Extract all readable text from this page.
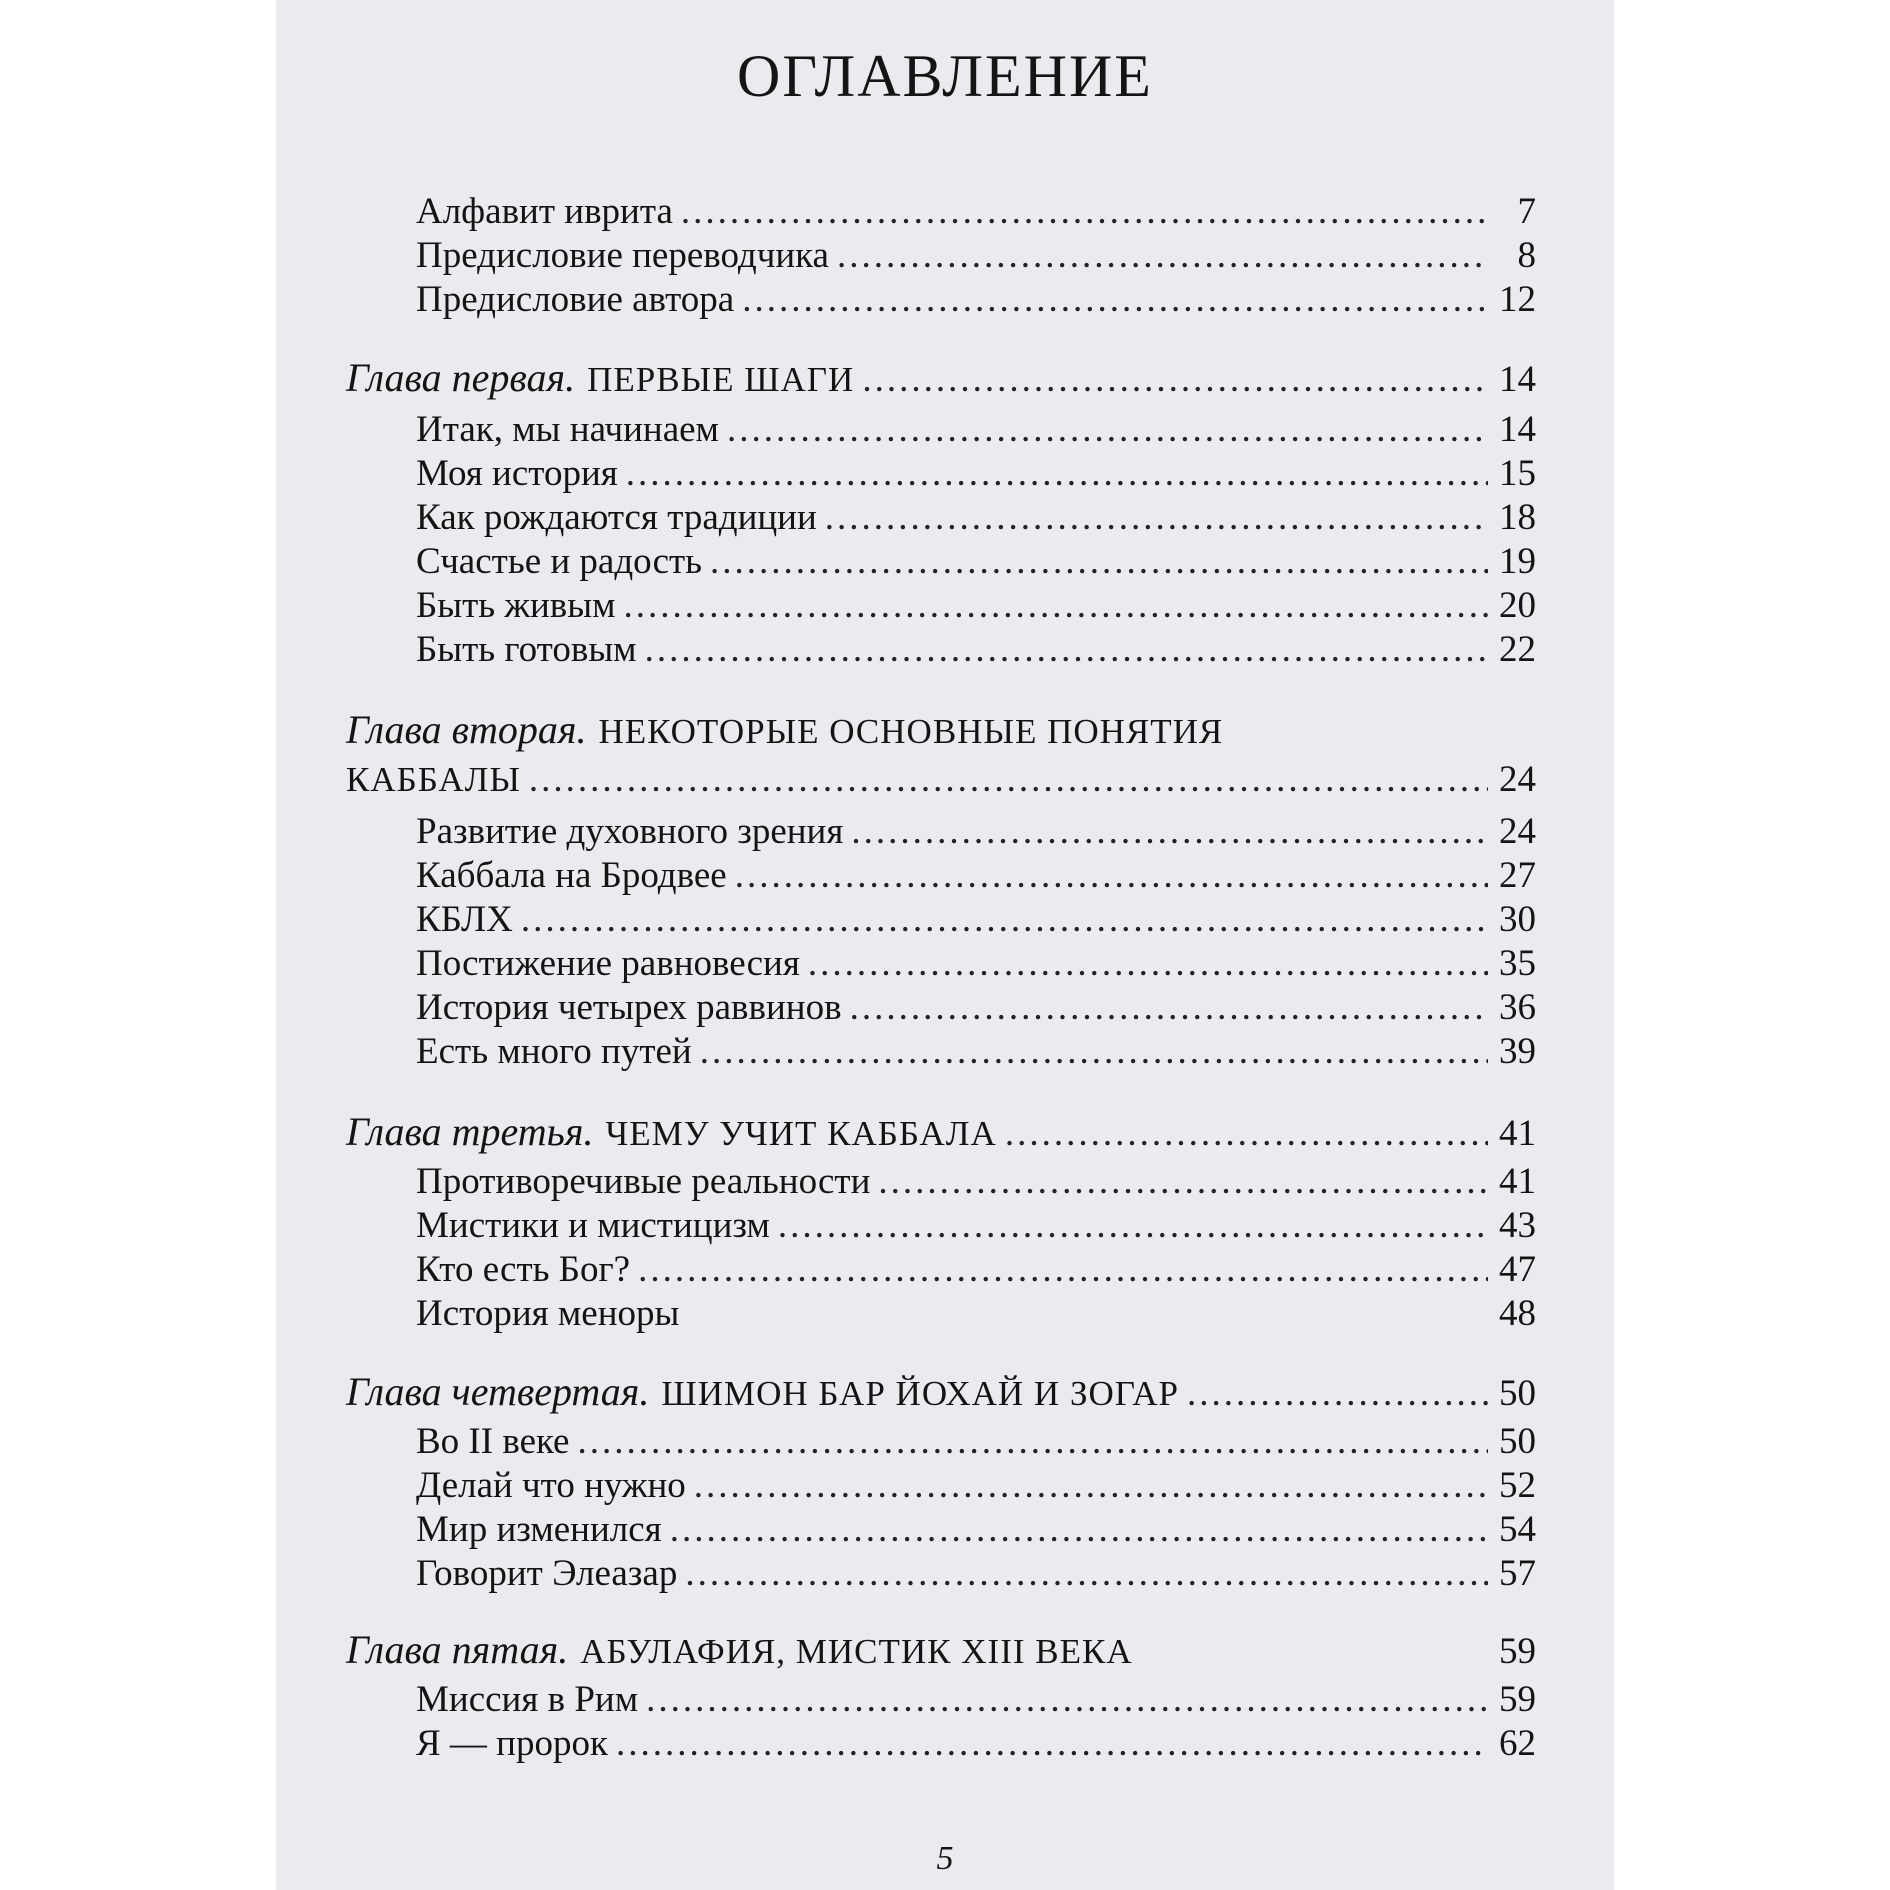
ОГЛАВЛЕНИЕ
Алфавит иврита .....	7
Предисловие переводчика .....	8
Предисловие автора .....	12
Глава первая. ПЕРВЫЕ ШАГИ .....	14
Итак, мы начинаем .....	14
Моя история .....	15
Как рождаются традиции .....	18
Счастье и радость .....	19
Быть живым .....	20
Быть готовым .....	22
Глава вторая. НЕКОТОРЫЕ ОСНОВНЫЕ ПОНЯТИЯ
КАББАЛЫ .....	24
Развитие духовного зрения .....	24
Каббала на Бродвее .....	27
КБЛХ .....	30
Постижение равновесия .....	35
История четырех раввинов .....	36
Есть много путей .....	39
Глава третья. ЧЕМУ УЧИТ КАББАЛА .....	41
Противоречивые реальности .....	41
Мистики и мистицизм .....	43
Кто есть Бог? .....	47
История меноры	48
Глава четвертая. ШИМОН БАР ЙОХАЙ И ЗОГАР .....	50
Во II веке .....	50
Делай что нужно .....	52
Мир изменился .....	54
Говорит Элеазар .....	57
Глава пятая. АБУЛАФИЯ, МИСТИК XIII ВЕКА	59
Миссия в Рим .....	59
Я — пророк .....	62
5
